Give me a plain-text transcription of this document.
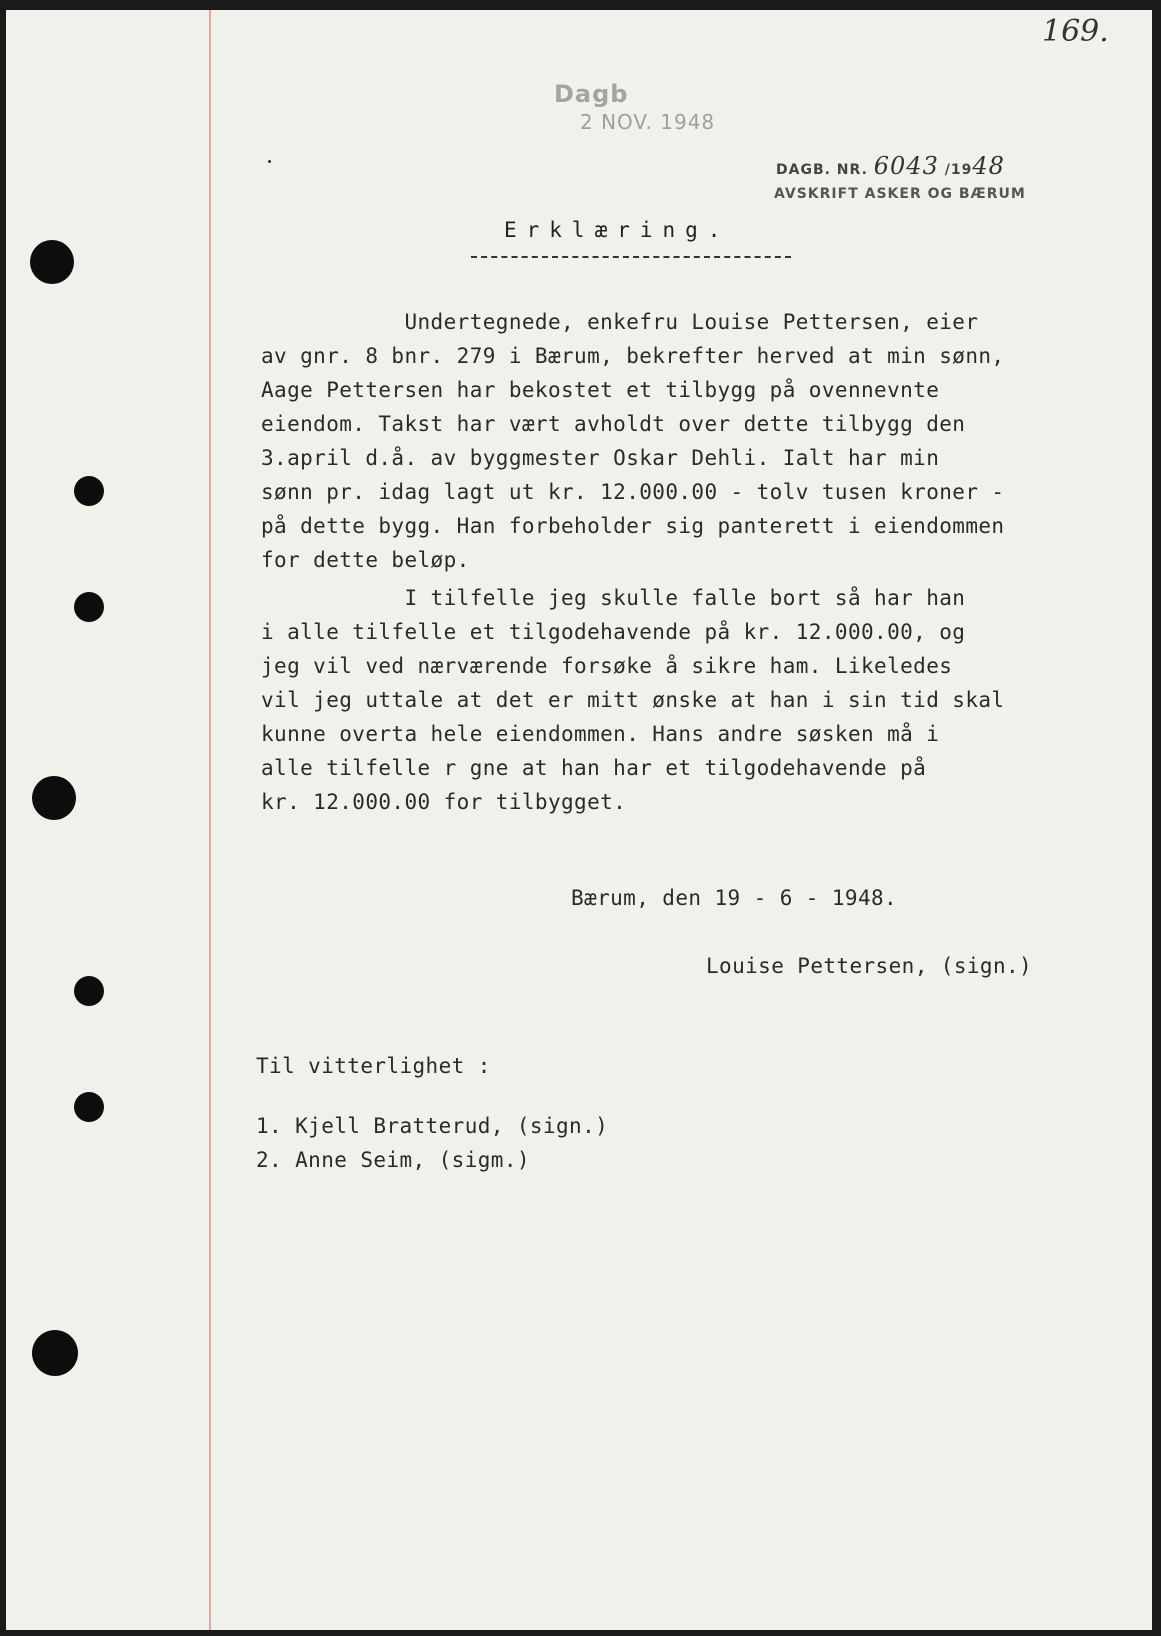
Dagb
2 NOV. 1948
DAGB. NR. 6043 /1948
AVSKRIFT ASKER OG BÆRUM
169.
Erklæring.
Undertegnede, enkefru Louise Pettersen, eier
av gnr. 8 bnr. 279 i Bærum, bekrefter herved at min sønn,
Aage Pettersen har bekostet et tilbygg på ovennevnte
eiendom. Takst har vært avholdt over dette tilbygg den
3.april d.å. av byggmester Oskar Dehli. Ialt har min
sønn pr. idag lagt ut kr. 12.000.00 - tolv tusen kroner -
på dette bygg. Han forbeholder sig panterett i eiendommen
for dette beløp.
I tilfelle jeg skulle falle bort så har han
i alle tilfelle et tilgodehavende på kr. 12.000.00, og
jeg vil ved nærværende forsøke å sikre ham. Likeledes
vil jeg uttale at det er mitt ønske at han i sin tid skal
kunne overta hele eiendommen. Hans andre søsken må i
alle tilfelle r gne at han har et tilgodehavende på
kr. 12.000.00 for tilbygget.
Bærum, den 19 - 6 - 1948.
Louise Pettersen, (sign.)
Til vitterlighet :
1. Kjell Bratterud, (sign.)
2. Anne Seim, (sigm.)
